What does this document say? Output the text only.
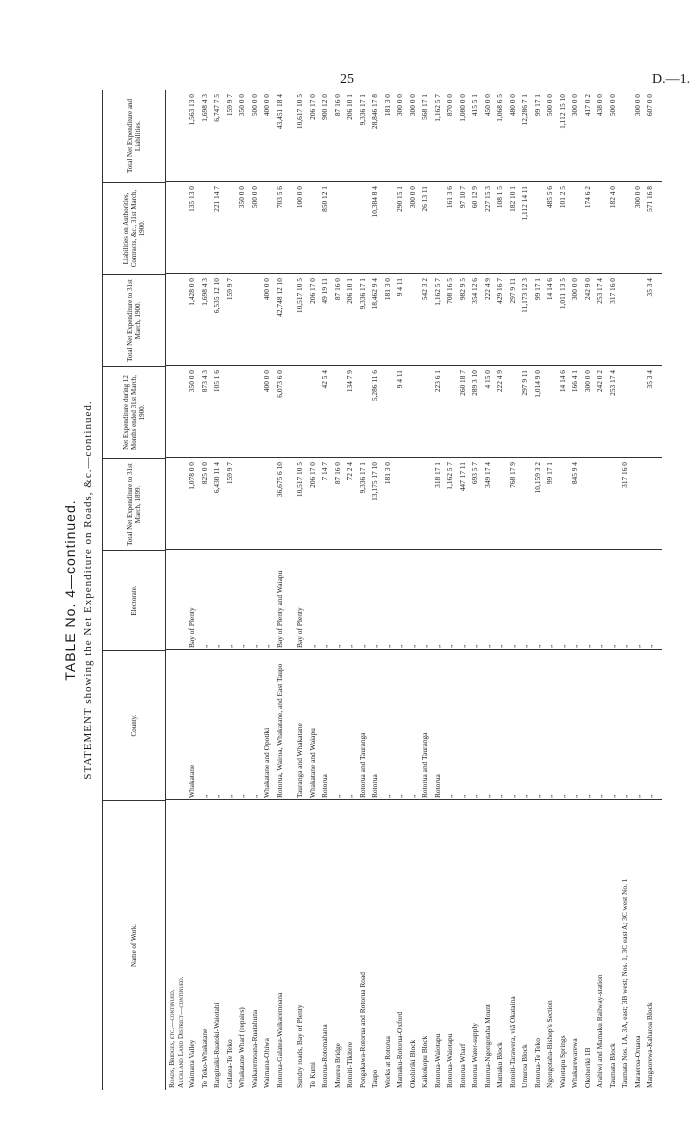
25	D.—1.
TABLE No. 4—continued. STATEMENT showing the Net Expenditure on Roads, &c.—continued.
Name of Work.
County.
Electorate.
Total Net Expenditure to 31st March, 1899.
Net Expenditure during 12 Months ended 31st March, 1900.
Total Net Expenditure to 31st March, 1900.
Liabilities on Authorities, Contracts, &c., 31st March, 1900.
Total Net Expenditure and Liabilities.
Roads, Bridges, etc.—continued. Auckland Land District—continued. Waimana Valley
Whakatane
Bay of Plenty
1,078 0 0
350 0 0
1,428 0 0
135 13 0
1,563 13 0
Te Teko-Whakatane
„
„
825 0 0
873 4 3
1,698 4 3
1,698 4 3
Rangitaiki-Ruatoki-Waiotahi
„
„
6,430 11 4
105 1 6
6,535 12 10
221 14 7
6,747 7 5
Galatea-Te Teko
„
„
159 9 7
159 9 7
159 9 7
Whakatane Wharf (repairs)
„
„
350 0 0
350 0 0
Waikaremoana-Ruatahuna
„
„
500 0 0
500 0 0
Waimana-Ohiwa
Whakatane and Opotiki
„
400 0 0
400 0 0
400 0 0
Rotorua-Galatea-Waikaremoana
Rotorua, Wairoa, Whakatane, and East Taupo
Bay of Plenty and Waiapu
36,675 6 10
6,073 6 0
42,748 12 10
703 5 6
43,451 18 4
Sundry roads, Bay of Plenty
Tauranga and Whakatane
Bay of Plenty
10,517 10 5
10,517 10 5
100 0 0
10,617 10 5
Te Kumi
Whakatane and Waiapu
„
206 17 0
206 17 0
206 17 0
Rotorua-Rotomahana
Rotorua
„
7 14 7
42 5 4
49 19 11
850 12 1
900 12 0
Mourea Bridge
„
„
87 16 0
87 16 0
87 16 0
Rotoiti-Tikitere
„
„
72 2 4
134 7 9
206 10 1
206 10 1
Pongakawa-Rotorua and Rotorua Road
Rotorua and Tauranga
„
9,336 17 1
9,336 17 1
9,336 17 1
Taupo
Rotorua
„
13,175 17 10
5,286 11 6
18,462 9 4
10,384 8 4
28,846 17 8
Works at Rotorua
„
„
181 3 0
181 3 0
181 3 0
Mamaku-Rotorua-Oxford
„
„
9 4 11
9 4 11
290 15 1
300 0 0
Okohiriki Block
„
„
300 0 0
300 0 0
Kaikokopu Block
Rotorua and Tauranga
„
542 3 2
26 13 11
568 17 1
Rotorua-Waiotapu
Rotorua
„
318 17 1
223 6 1
1,162 5 7
1,162 5 7
Rotorua-Waiotapu
„
„
1,162 5 7
708 16 5
161 3 6
870 0 0
Rotorua Wharf
„
„
447 17 11
260 18 7
982 9 5
97 10 7
1,080 0 0
Rotorua Water-supply
„
„
693 5 7
289 3 10
354 12 6
60 12 9
415 5 1
Rotorua-Ngongotaha Mount
„
„
349 17 4
4 15 0
222 4 9
227 15 3
450 0 0
Mamaku Block
„
„
222 4 9
429 16 7
108 1 5
1,068 6 5
Rotoiti-Tarawera, viâ Okataina
„
„
768 17 9
297 9 11
182 10 1
480 0 0
Umuroa Block
„
„
297 9 11
11,173 12 3
1,112 14 11
12,286 7 1
Rotorua-Te Teko
„
„
10,159 3 2
1,014 9 0
99 17 1
99 17 1
Ngongotaha-Bishop's Section
„
„
99 17 1
14 14 6
485 5 6
500 0 0
Waiotapu Springs
„
„
14 14 6
1,011 13 5
101 2 5
1,112 15 10
Whakarewarewa
„
„
845 9 4
166 4 1
300 0 0
300 0 0
Okoheriki 1B
„
„
300 0 0
242 9 0
174 6 2
417 0 2
Arahiwi and Mamaku Railway-station
„
„
242 0 2
253 17 4
438 0 0
Taumata Block
„
„
253 17 4
317 16 0
182 4 0
500 0 0
Taumata Nos. 1A, 3A, east; 3B west; Nos. 1, 3C east A; 3C west No. 1
„
„
317 16 0
Maraeroa-Oruaoa
„
„
300 0 0
300 0 0
Mangaorewa-Kaharoa Block
„
„
35 3 4
35 3 4
571 16 8
607 0 0
